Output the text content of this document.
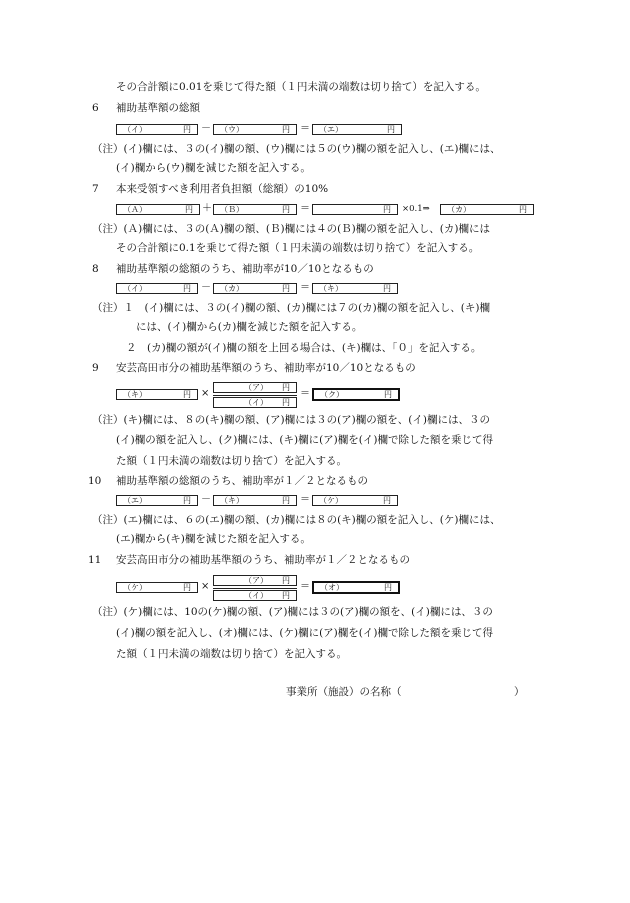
その合計額に0.01を乗じて得た額（１円未満の端数は切り捨て）を記入する。
6 補助基準額の総額
（イ）	円 － （ウ）	円 ＝ （エ）	円
（注）(イ)欄には、３の(イ)欄の額、(ウ)欄には５の(ウ)欄の額を記入し、(エ)欄には、
(イ)欄から(ウ)欄を減じた額を記入する。
7 本来受領すべき利用者負担額（総額）の10%
（Ａ）	円 ＋ （Ｂ）	円 ＝	円 ×0.1⇒ （カ）	円
（注）(Ａ)欄には、３の(Ａ)欄の額、(Ｂ)欄には４の(Ｂ)欄の額を記入し、(カ)欄には
その合計額に0.1を乗じて得た額（１円未満の端数は切り捨て）を記入する。
8 補助基準額の総額のうち、補助率が10／10となるもの
（イ）	円 － （カ）	円 ＝ （キ）	円
（注）１　(イ)欄には、３の(イ)欄の額、(カ)欄には７の(カ)欄の額を記入し、(キ)欄
には、(イ)欄から(カ)欄を減じた額を記入する。
２　(カ)欄の額が(イ)欄の額を上回る場合は、(キ)欄は、「０」を記入する。
9 安芸高田市分の補助基準額のうち、補助率が10／10となるもの
（キ）	円 ×
（ア） 円
（イ） 円
＝ （ク）	円
（注）(キ)欄には、８の(キ)欄の額、(ア)欄には３の(ア)欄の額を、(イ)欄には、３の
(イ)欄の額を記入し、(ク)欄には、(キ)欄に(ア)欄を(イ)欄で除した額を乗じて得
た額（１円未満の端数は切り捨て）を記入する。
10 補助基準額の総額のうち、補助率が１／２となるもの
（エ）	円 － （キ）	円 ＝ （ケ）	円
（注）(エ)欄には、６の(エ)欄の額、(カ)欄には８の(キ)欄の額を記入し、(ケ)欄には、
(エ)欄から(キ)欄を減じた額を記入する。
11 安芸高田市分の補助基準額のうち、補助率が１／２となるもの
（ケ）	円 ×
（ア） 円
（イ） 円
＝ （オ）	円
（注）(ケ)欄には、10の(ケ)欄の額、(ア)欄には３の(ア)欄の額を、(イ)欄には、３の
(イ)欄の額を記入し、(オ)欄には、(ケ)欄に(ア)欄を(イ)欄で除した額を乗じて得
た額（１円未満の端数は切り捨て）を記入する。
事業所（施設）の名称（	）
